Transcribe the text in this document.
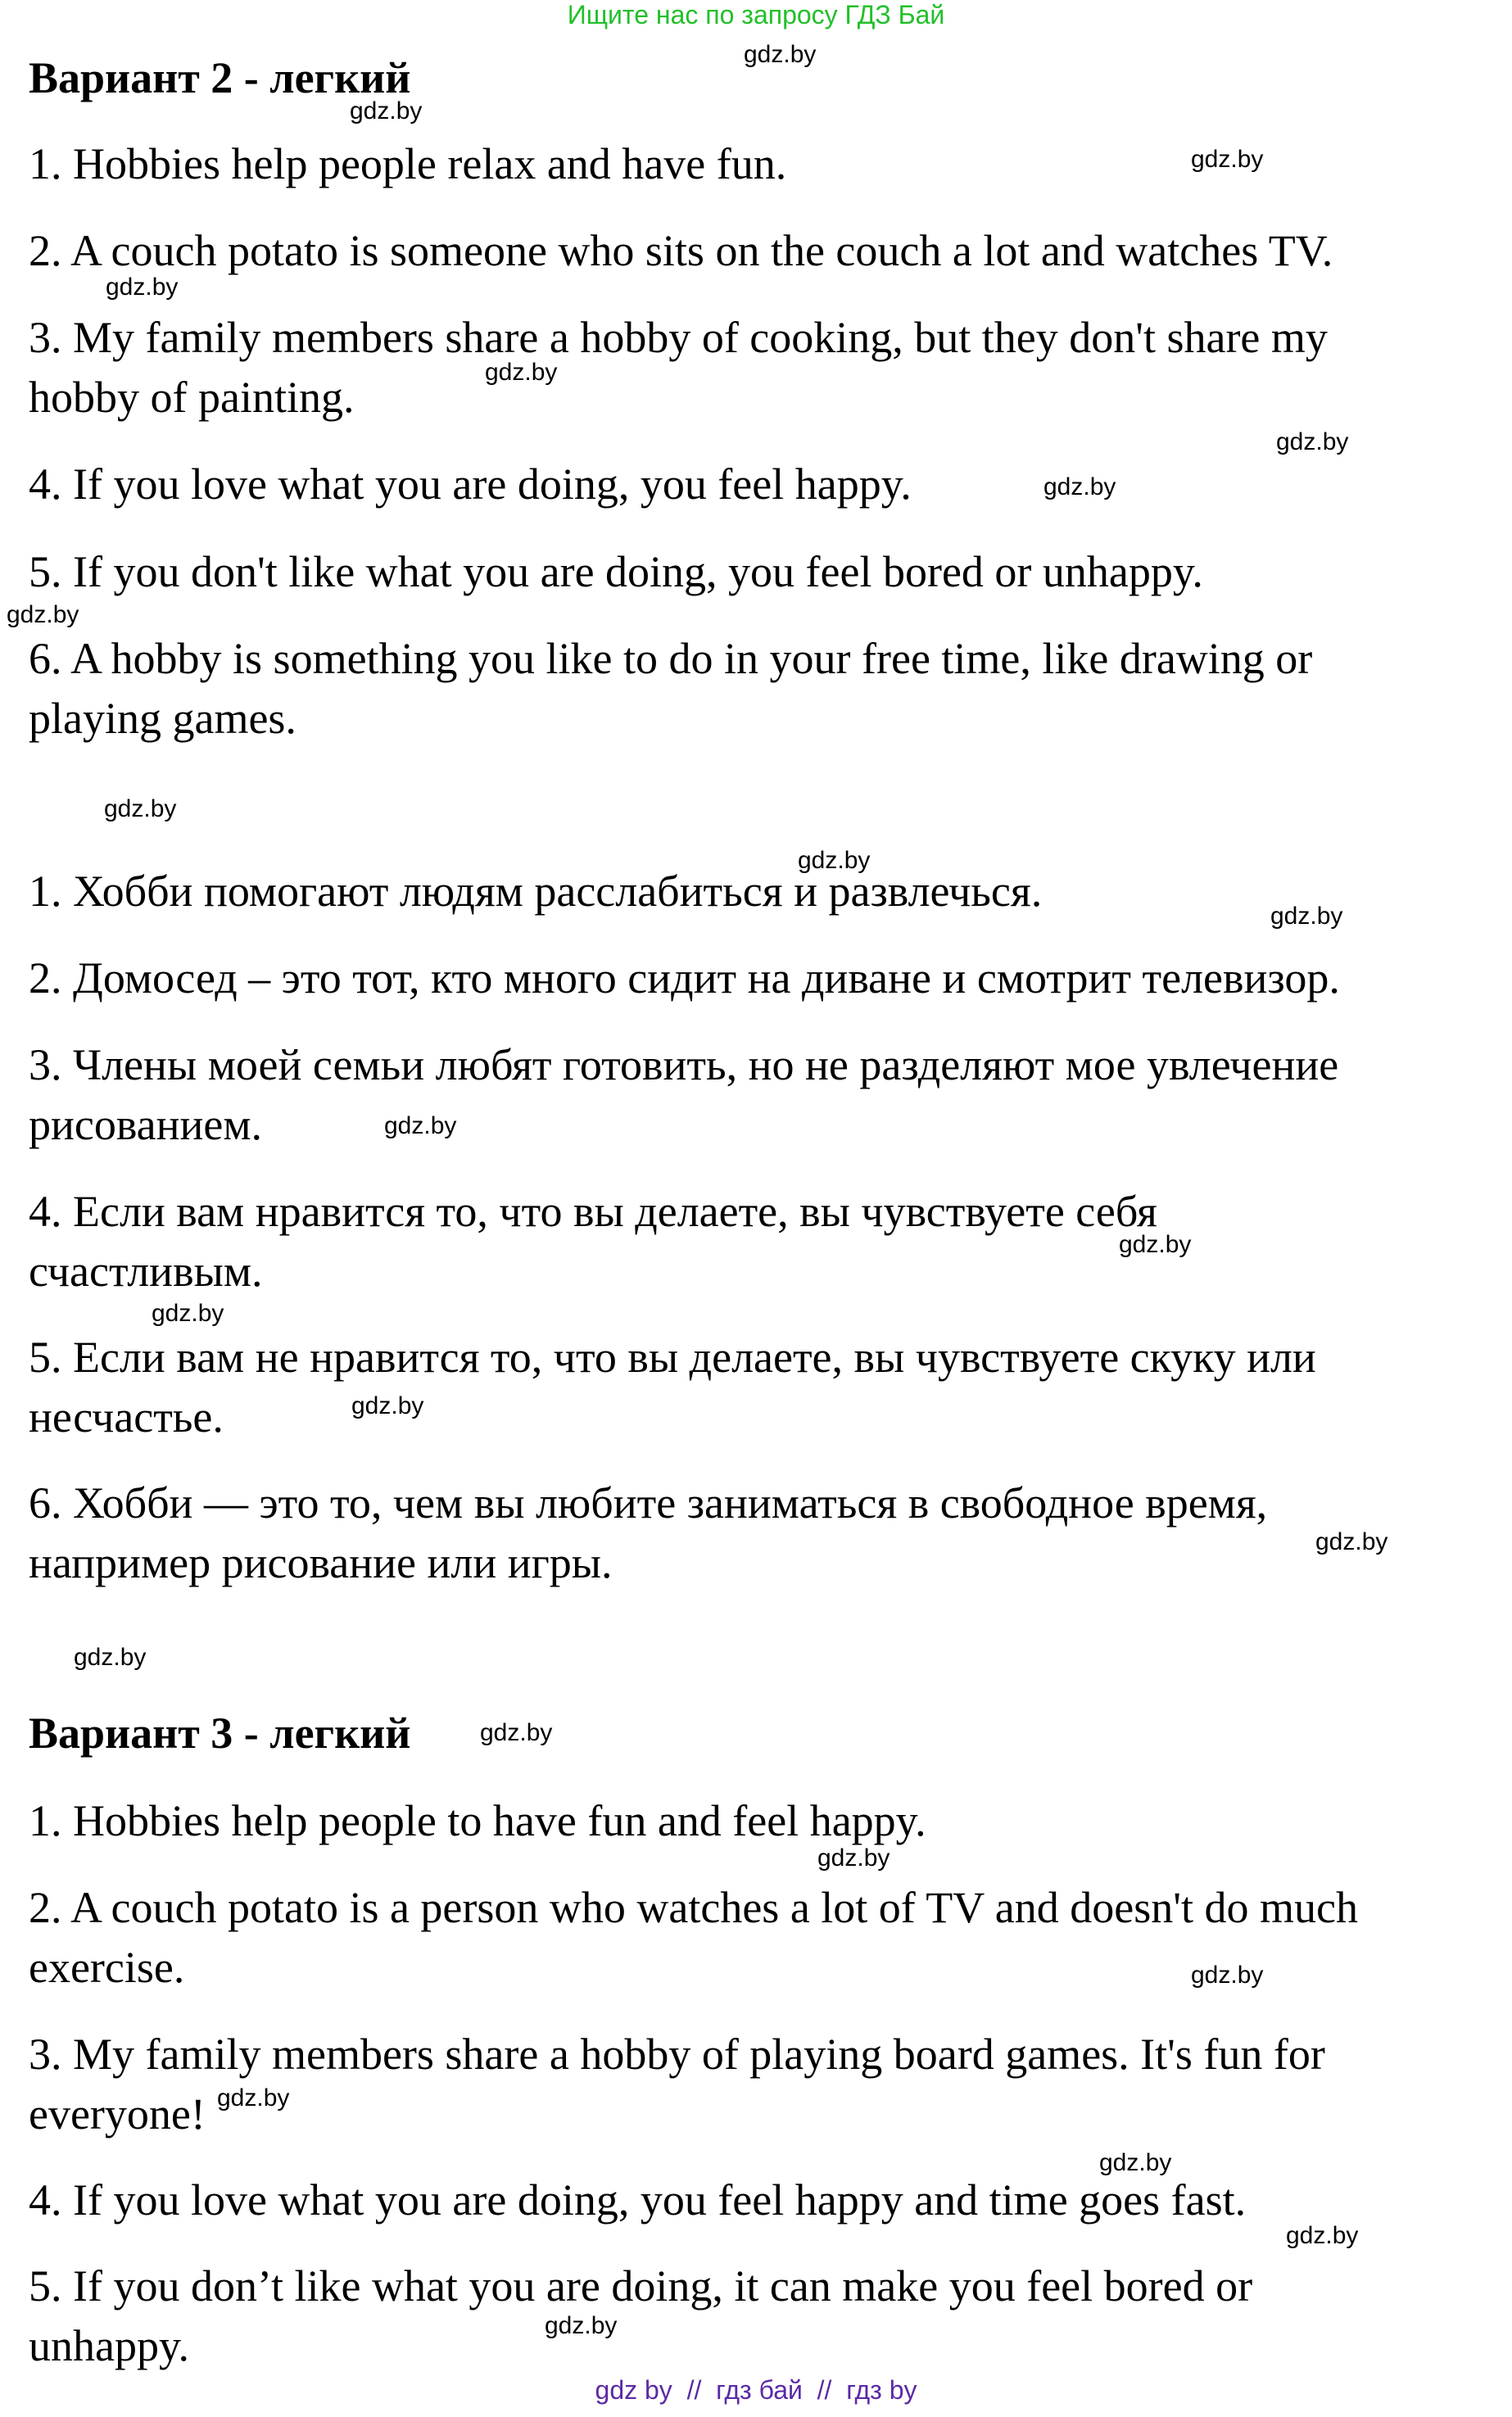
Ищите нас по запросу ГДЗ Бай
Вариант 2 - легкий
1. Hobbies help people relax and have fun.
2. A couch potato is someone who sits on the couch a lot and watches TV.
3. My family members share a hobby of cooking, but they don't share my
hobby of painting.
4. If you love what you are doing, you feel happy.
5. If you don't like what you are doing, you feel bored or unhappy.
6. A hobby is something you like to do in your free time, like drawing or
playing games.
1. Хобби помогают людям расслабиться и развлечься.
2. Домосед – это тот, кто много сидит на диване и смотрит телевизор.
3. Члены моей семьи любят готовить, но не разделяют мое увлечение
рисованием.
4. Если вам нравится то, что вы делаете, вы чувствуете себя
счастливым.
5. Если вам не нравится то, что вы делаете, вы чувствуете скуку или
несчастье.
6. Хобби — это то, чем вы любите заниматься в свободное время,
например рисование или игры.
Вариант 3 - легкий
1. Hobbies help people to have fun and feel happy.
2. A couch potato is a person who watches a lot of TV and doesn't do much
exercise.
3. My family members share a hobby of playing board games. It's fun for
everyone!
4. If you love what you are doing, you feel happy and time goes fast.
5. If you don’t like what you are doing, it can make you feel bored or
unhappy.
gdz.by
gdz.by
gdz.by
gdz.by
gdz.by
gdz.by
gdz.by
gdz.by
gdz.by
gdz.by
gdz.by
gdz.by
gdz.by
gdz.by
gdz.by
gdz.by
gdz.by
gdz.by
gdz.by
gdz.by
gdz.by
gdz.by
gdz.by
gdz.by
gdz by  //  гдз бай  //  гдз by
